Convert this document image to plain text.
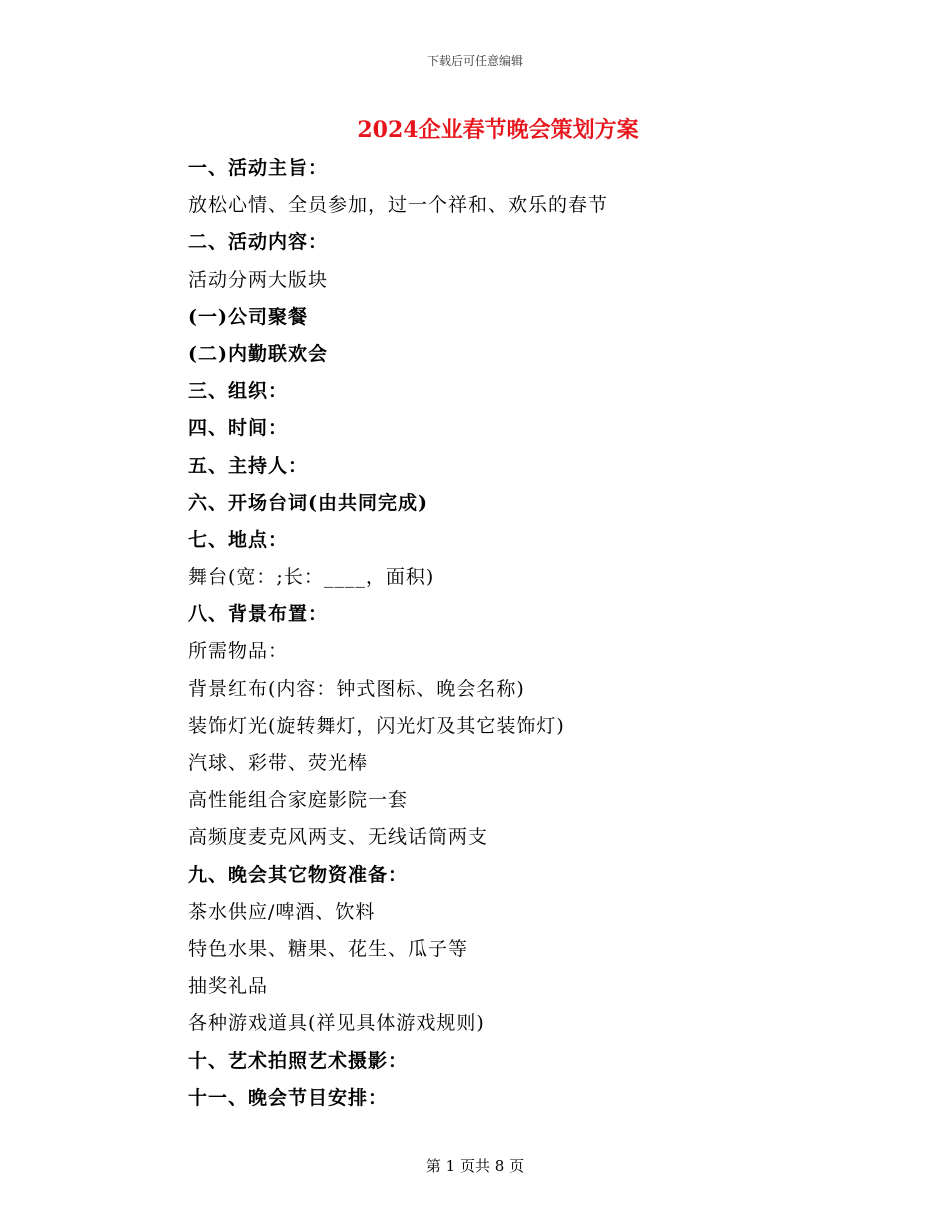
下载后可任意编辑
2024企业春节晚会策划方案
一、活动主旨：
放松心情、全员参加，过一个祥和、欢乐的春节
二、活动内容：
活动分两大版块
(一)公司聚餐
(二)内勤联欢会
三、组织：
四、时间：
五、主持人：
六、开场台词(由共同完成)
七、地点：
舞台(宽：;长：____，面积)
八、背景布置：
所需物品：
背景红布(内容：钟式图标、晚会名称)
装饰灯光(旋转舞灯，闪光灯及其它装饰灯)
汽球、彩带、荧光棒
高性能组合家庭影院一套
高频度麦克风两支、无线话筒两支
九、晚会其它物资准备：
茶水供应/啤酒、饮料
特色水果、糖果、花生、瓜子等
抽奖礼品
各种游戏道具(祥见具体游戏规则)
十、艺术拍照艺术摄影：
十一、晚会节目安排：
第 1 页共 8 页
